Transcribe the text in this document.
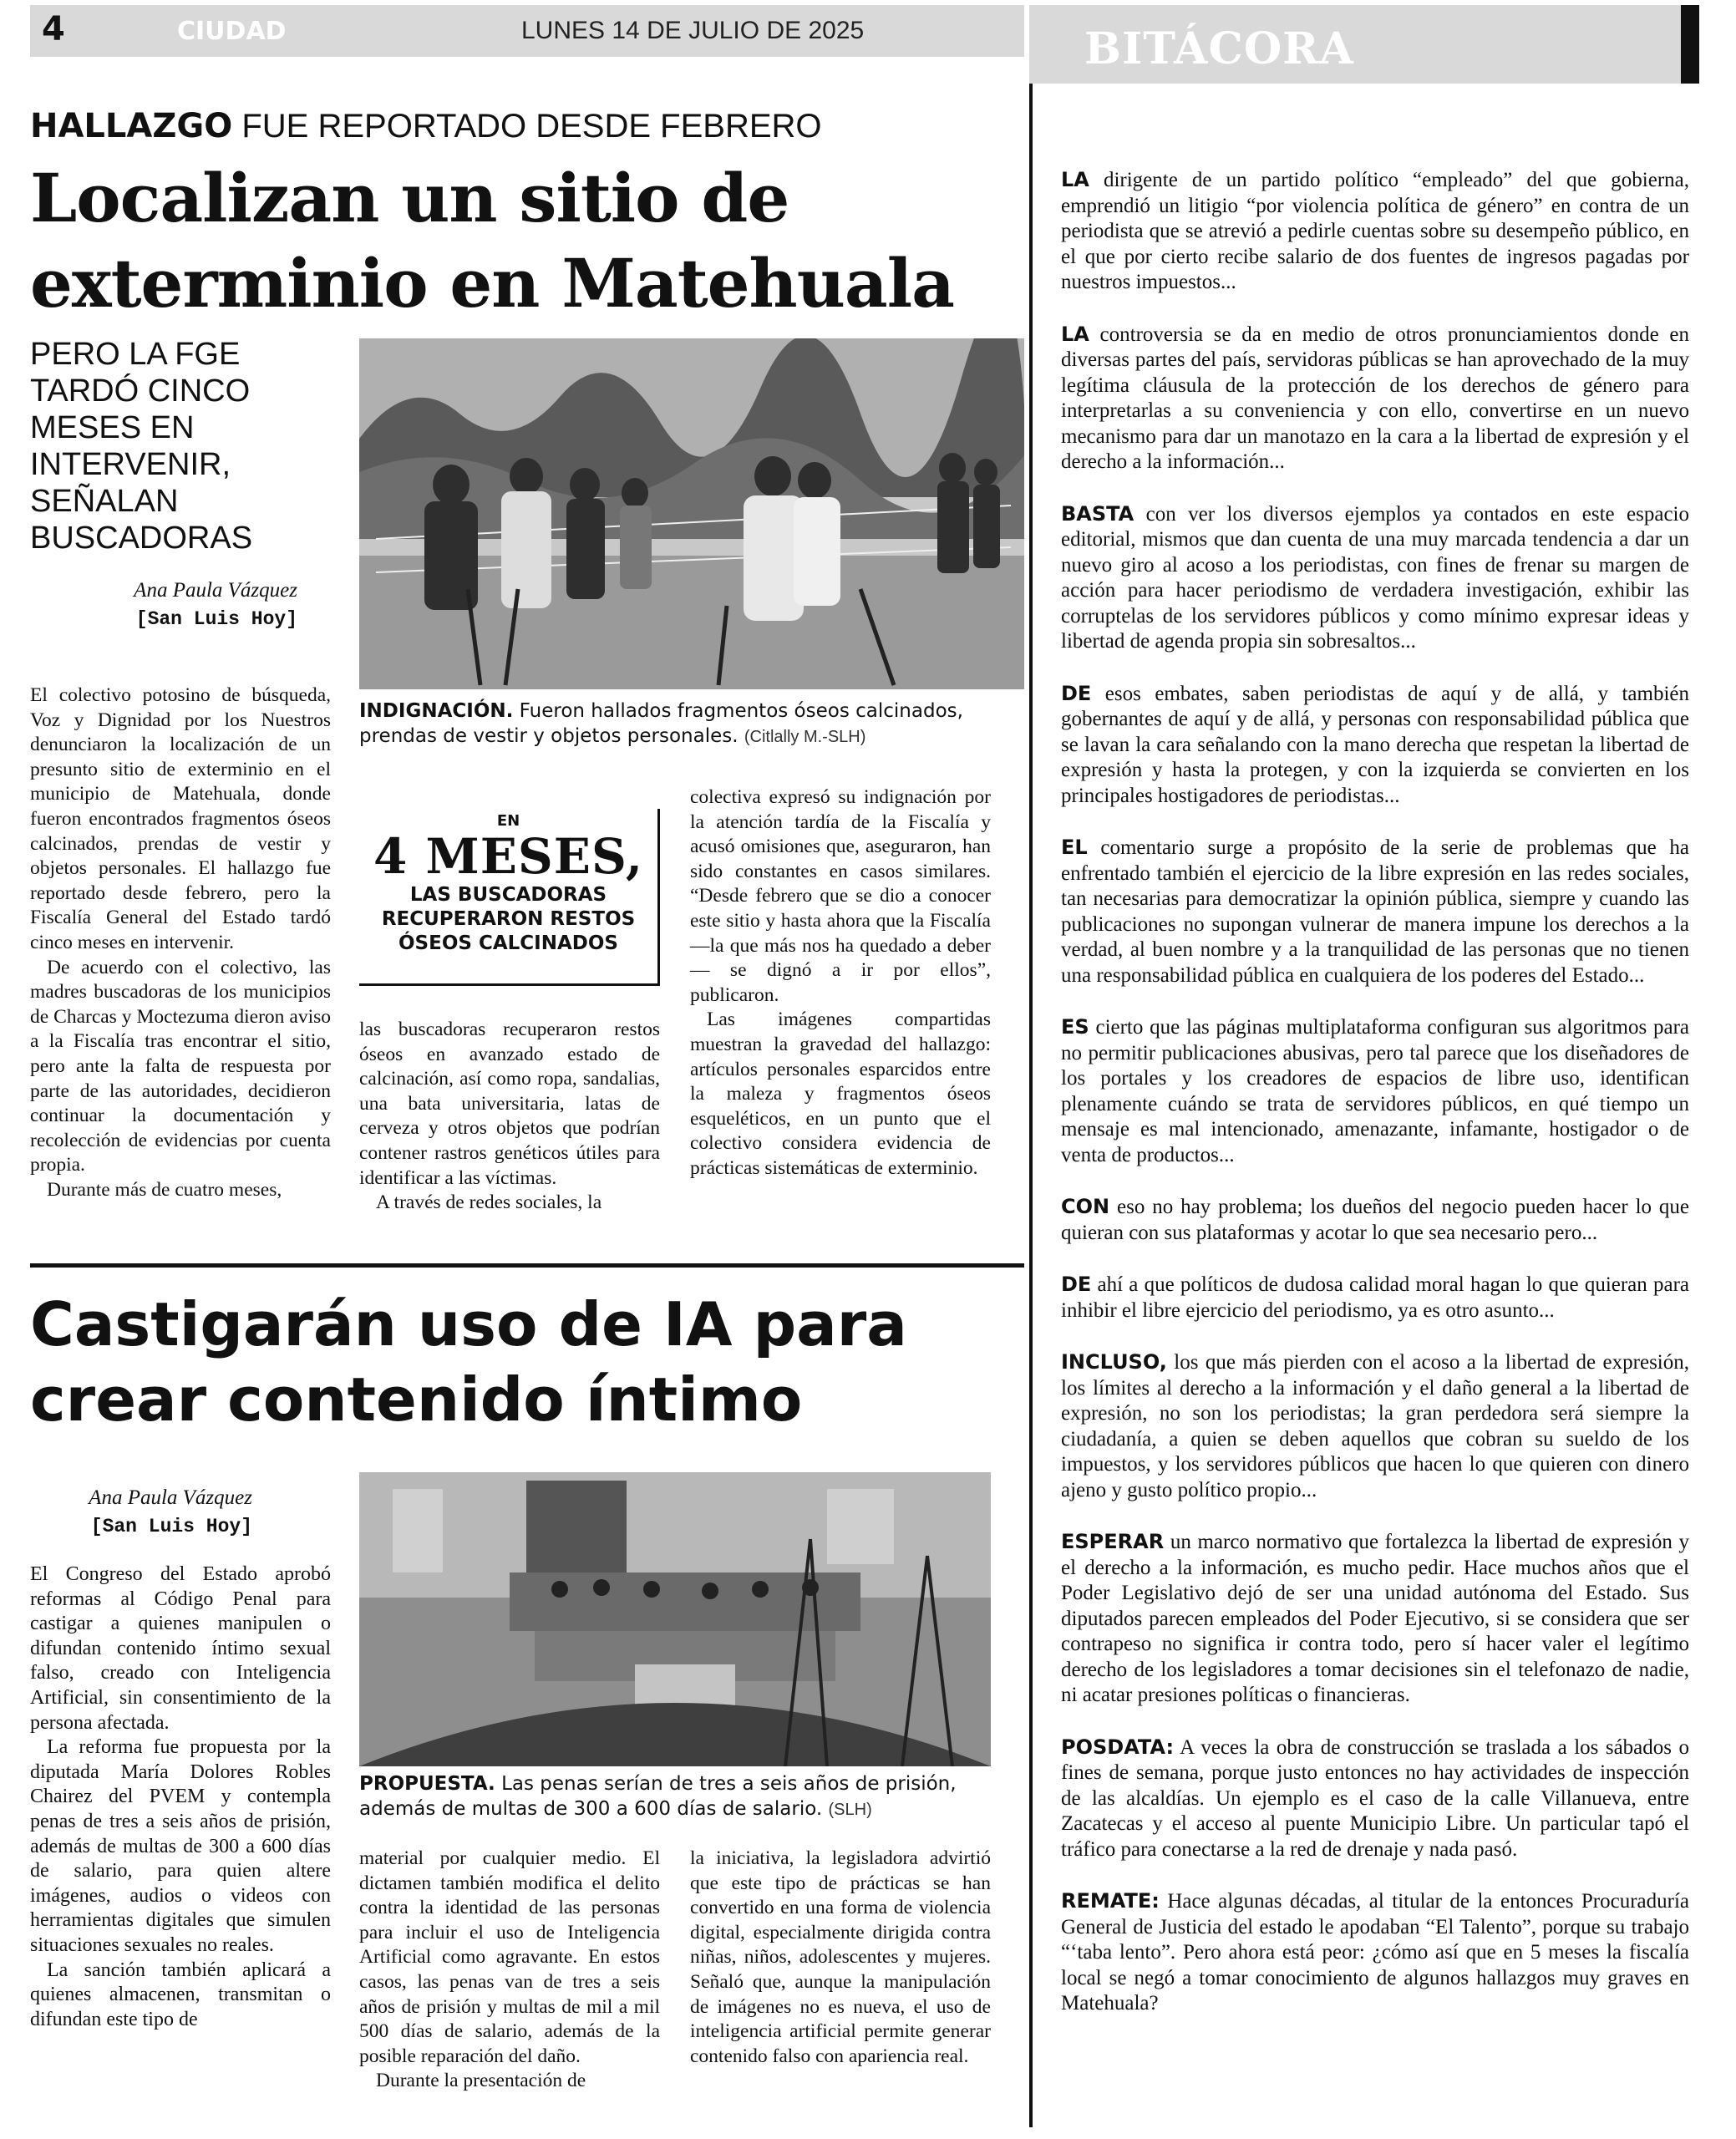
4	CIUDAD	LUNES 14 DE JULIO DE 2025	BITÁCORA
HALLAZGO FUE REPORTADO DESDE FEBRERO
Localizan un sitio de exterminio en Matehuala
PERO LA FGE TARDÓ CINCO MESES EN INTERVENIR, SEÑALAN BUSCADORAS
Ana Paula Vázquez
[San Luis Hoy]
INDIGNACIÓN. Fueron hallados fragmentos óseos calcinados, prendas de vestir y objetos personales. (Citlally M.-SLH)

El colectivo potosino de búsqueda, Voz y Dignidad por los Nuestros denunciaron la localización de un presunto sitio de exterminio en el municipio de Matehuala, donde fueron encontrados fragmentos óseos calcinados, prendas de vestir y objetos personales. El hallazgo fue reportado desde febrero, pero la Fiscalía General del Estado tardó cinco meses en intervenir.

De acuerdo con el colectivo, las madres buscadoras de los municipios de Charcas y Moctezuma dieron aviso a la Fiscalía tras encontrar el sitio, pero ante la falta de respuesta por parte de las autoridades, decidieron continuar la documentación y recolección de evidencias por cuenta propia.

Durante más de cuatro meses,

EN
4 MESES,
LAS BUSCADORAS RECUPERARON RESTOS ÓSEOS CALCINADOS

las buscadoras recuperaron restos óseos en avanzado estado de calcinación, así como ropa, sandalias, una bata universitaria, latas de cerveza y otros objetos que podrían contener rastros genéticos útiles para identificar a las víctimas.

A través de redes sociales, la

colectiva expresó su indignación por la atención tardía de la Fiscalía y acusó omisiones que, aseguraron, han sido constantes en casos similares. “Desde febrero que se dio a conocer este sitio y hasta ahora que la Fiscalía —la que más nos ha quedado a deber— se dignó a ir por ellos”, publicaron.

Las imágenes compartidas muestran la gravedad del hallazgo: artículos personales esparcidos entre la maleza y fragmentos óseos esqueléticos, en un punto que el colectivo considera evidencia de prácticas sistemáticas de exterminio.

Castigarán uso de IA para crear contenido íntimo
Ana Paula Vázquez
[San Luis Hoy]
PROPUESTA. Las penas serían de tres a seis años de prisión, además de multas de 300 a 600 días de salario. (SLH)

El Congreso del Estado aprobó reformas al Código Penal para castigar a quienes manipulen o difundan contenido íntimo sexual falso, creado con Inteligencia Artificial, sin consentimiento de la persona afectada.

La reforma fue propuesta por la diputada María Dolores Robles Chairez del PVEM y contempla penas de tres a seis años de prisión, además de multas de 300 a 600 días de salario, para quien altere imágenes, audios o videos con herramientas digitales que simulen situaciones sexuales no reales.

La sanción también aplicará a quienes almacenen, transmitan o difundan este tipo de

material por cualquier medio. El dictamen también modifica el delito contra la identidad de las personas para incluir el uso de Inteligencia Artificial como agravante. En estos casos, las penas van de tres a seis años de prisión y multas de mil a mil 500 días de salario, además de la posible reparación del daño.

Durante la presentación de

la iniciativa, la legisladora advirtió que este tipo de prácticas se han convertido en una forma de violencia digital, especialmente dirigida contra niñas, niños, adolescentes y mujeres. Señaló que, aunque la manipulación de imágenes no es nueva, el uso de inteligencia artificial permite generar contenido falso con apariencia real.

LA dirigente de un partido político “empleado” del que gobierna, emprendió un litigio “por violencia política de género” en contra de un periodista que se atrevió a pedirle cuentas sobre su desempeño público, en el que por cierto recibe salario de dos fuentes de ingresos pagadas por nuestros impuestos...

LA controversia se da en medio de otros pronunciamientos donde en diversas partes del país, servidoras públicas se han aprovechado de la muy legítima cláusula de la protección de los derechos de género para interpretarlas a su conveniencia y con ello, convertirse en un nuevo mecanismo para dar un manotazo en la cara a la libertad de expresión y el derecho a la información...

BASTA con ver los diversos ejemplos ya contados en este espacio editorial, mismos que dan cuenta de una muy marcada tendencia a dar un nuevo giro al acoso a los periodistas, con fines de frenar su margen de acción para hacer periodismo de verdadera investigación, exhibir las corruptelas de los servidores públicos y como mínimo expresar ideas y libertad de agenda propia sin sobresaltos...

DE esos embates, saben periodistas de aquí y de allá, y también gobernantes de aquí y de allá, y personas con responsabilidad pública que se lavan la cara señalando con la mano derecha que respetan la libertad de expresión y hasta la protegen, y con la izquierda se convierten en los principales hostigadores de periodistas...

EL comentario surge a propósito de la serie de problemas que ha enfrentado también el ejercicio de la libre expresión en las redes sociales, tan necesarias para democratizar la opinión pública, siempre y cuando las publicaciones no supongan vulnerar de manera impune los derechos a la verdad, al buen nombre y a la tranquilidad de las personas que no tienen una responsabilidad pública en cualquiera de los poderes del Estado...

ES cierto que las páginas multiplataforma configuran sus algoritmos para no permitir publicaciones abusivas, pero tal parece que los diseñadores de los portales y los creadores de espacios de libre uso, identifican plenamente cuándo se trata de servidores públicos, en qué tiempo un mensaje es mal intencionado, amenazante, infamante, hostigador o de venta de productos...

CON eso no hay problema; los dueños del negocio pueden hacer lo que quieran con sus plataformas y acotar lo que sea necesario pero...

DE ahí a que políticos de dudosa calidad moral hagan lo que quieran para inhibir el libre ejercicio del periodismo, ya es otro asunto...

INCLUSO, los que más pierden con el acoso a la libertad de expresión, los límites al derecho a la información y el daño general a la libertad de expresión, no son los periodistas; la gran perdedora será siempre la ciudadanía, a quien se deben aquellos que cobran su sueldo de los impuestos, y los servidores públicos que hacen lo que quieren con dinero ajeno y gusto político propio...

ESPERAR un marco normativo que fortalezca la libertad de expresión y el derecho a la información, es mucho pedir. Hace muchos años que el Poder Legislativo dejó de ser una unidad autónoma del Estado. Sus diputados parecen empleados del Poder Ejecutivo, si se considera que ser contrapeso no significa ir contra todo, pero sí hacer valer el legítimo derecho de los legisladores a tomar decisiones sin el telefonazo de nadie, ni acatar presiones políticas o financieras.

POSDATA: A veces la obra de construcción se traslada a los sábados o fines de semana, porque justo entonces no hay actividades de inspección de las alcaldías. Un ejemplo es el caso de la calle Villanueva, entre Zacatecas y el acceso al puente Municipio Libre. Un particular tapó el tráfico para conectarse a la red de drenaje y nada pasó.

REMATE: Hace algunas décadas, al titular de la entonces Procuraduría General de Justicia del estado le apodaban “El Talento”, porque su trabajo “‘taba lento”. Pero ahora está peor: ¿cómo así que en 5 meses la fiscalía local se negó a tomar conocimiento de algunos hallazgos muy graves en Matehuala?
